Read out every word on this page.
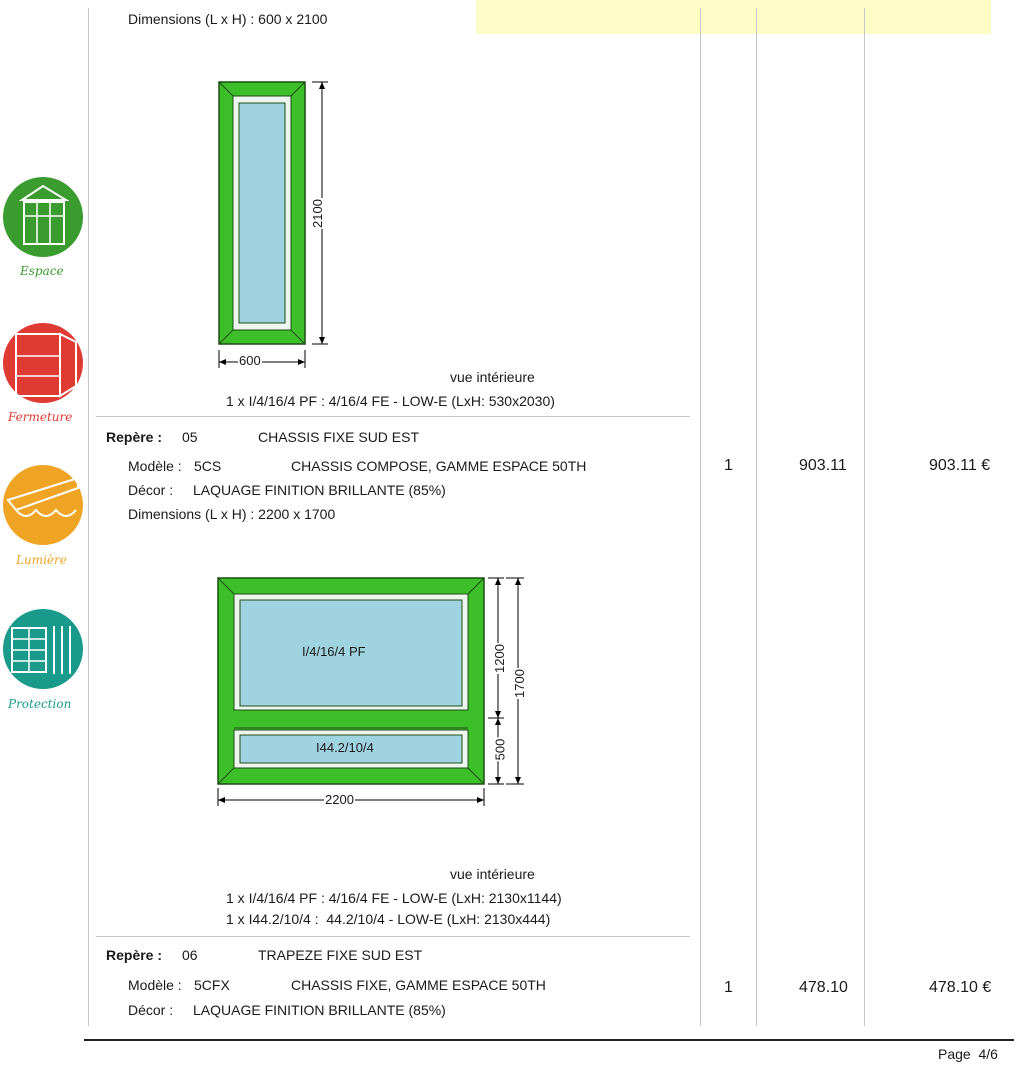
Espace
Fermeture
Lumière
Protection
Dimensions (L x H) : 600 x 2100
2100
600
vue intérieure
1 x I/4/16/4 PF : 4/16/4 FE - LOW-E (LxH: 530x2030)
Repère : 05	CHASSIS FIXE SUD EST
Modèle : 5CS	CHASSIS COMPOSE, GAMME ESPACE 50TH
Décor : LAQUAGE FINITION BRILLANTE (85%)
Dimensions (L x H) : 2200 x 1700
1	903.11	903.11 €
I/4/16/4 PF
I44.2/10/4
1200
500
1700
2200
vue intérieure
1 x I/4/16/4 PF : 4/16/4 FE - LOW-E (LxH: 2130x1144)
1 x I44.2/10/4 :  44.2/10/4 - LOW-E (LxH: 2130x444)
Repère : 06	TRAPEZE FIXE SUD EST
Modèle : 5CFX	CHASSIS FIXE, GAMME ESPACE 50TH
Décor : LAQUAGE FINITION BRILLANTE (85%)
1	478.10	478.10 €
Page  4/6
